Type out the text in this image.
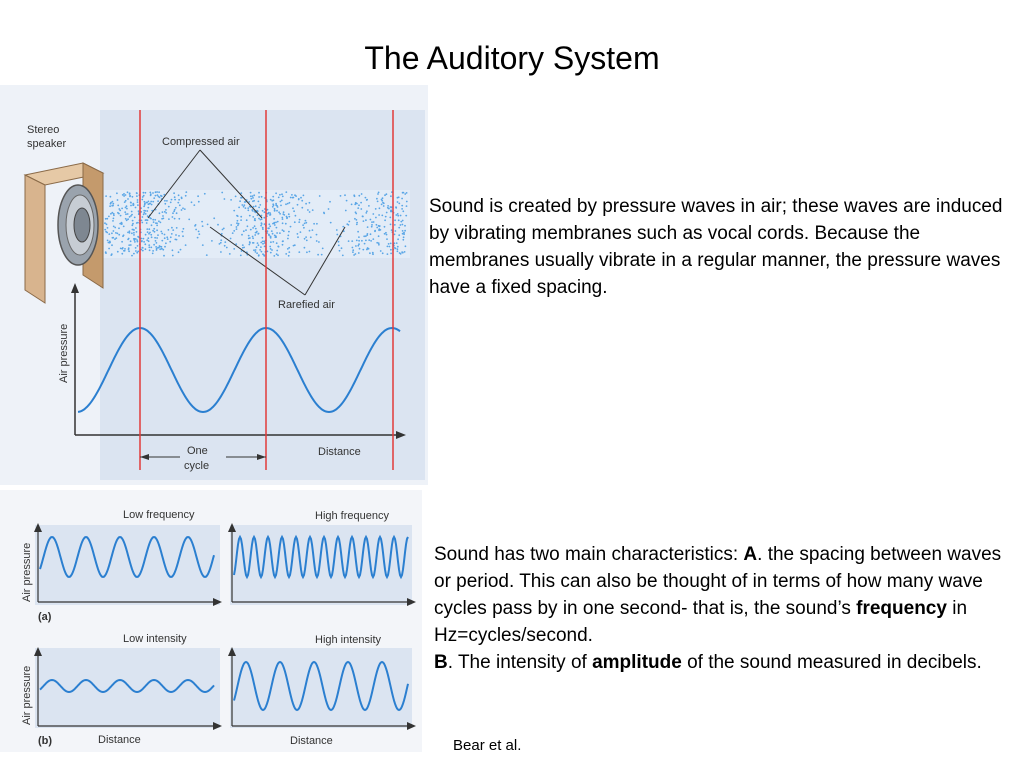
The Auditory System
Stereo
speaker	Compressed air
Rarefied air
Air pressure
Distance
One
cycle
Low frequency	High frequency
Low intensity	High intensity
Air pressure
Air pressure
(a)
(b)	Distance	Distance
Sound is created by pressure waves in air; these waves are induced by vibrating membranes such as vocal cords. Because the membranes usually vibrate in a regular manner, the pressure waves have a fixed spacing.
Sound has two main characteristics: A. the spacing between waves or period. This can also be thought of in terms of how many wave cycles pass by in one second- that is, the sound’s frequency in Hz=cycles/second.
B. The intensity of amplitude of the sound measured in decibels.
Bear et al.
